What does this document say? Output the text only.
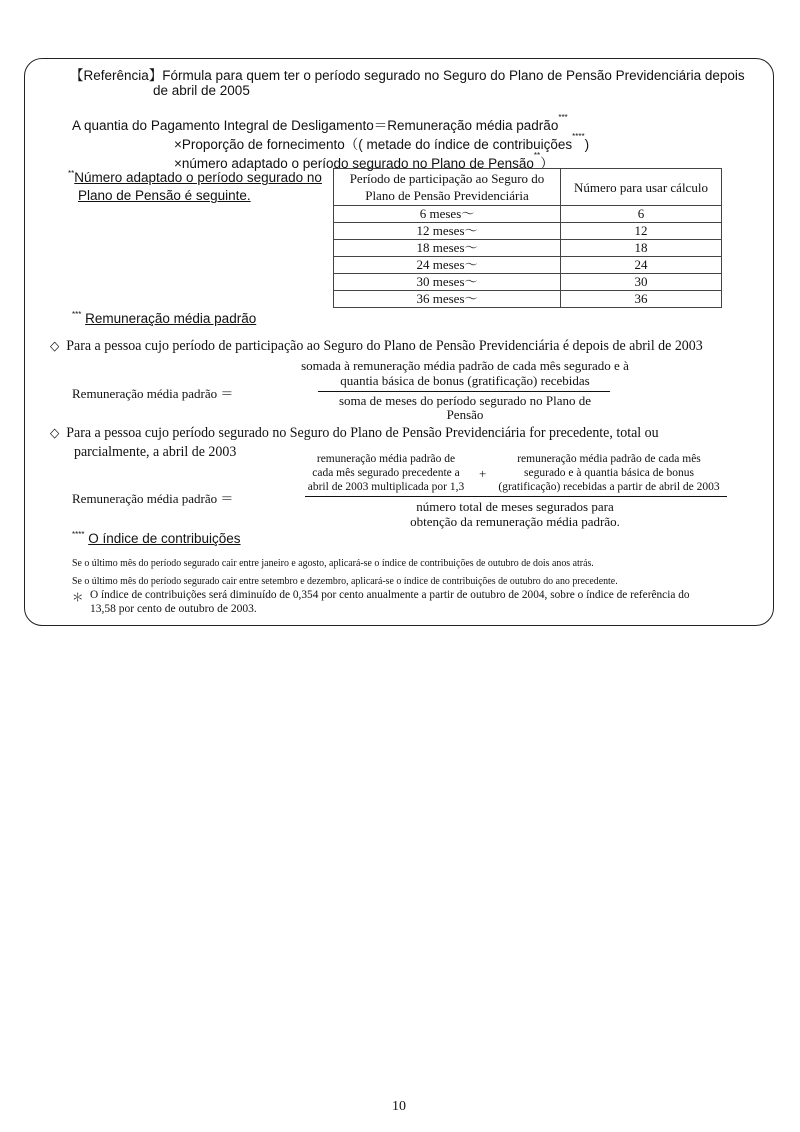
【Referência】Fórmula para quem ter o período segurado no Seguro do Plano de Pensão Previdenciária depois
de abril de 2005
A quantia do Pagamento Integral de Desligamento＝Remuneração média padrão***
×Proporção de fornecimento（( metade do índice de contribuições****)
×número adaptado o período segurado no Plano de Pensão**）
**Número adaptado o período segurado no
Plano de Pensão é seguinte.
Período de participação ao Seguro do
Plano de Pensão Previdenciária	Número para usar cálculo
6 meses～	6
12 meses～	12
18 meses～	18
24 meses～	24
30 meses～	30
36 meses～	36
*** Remuneração média padrão
◇ Para a pessoa cujo período de participação ao Seguro do Plano de Pensão Previdenciária é depois de abril de 2003
Remuneração média padrão ＝
somada à remuneração média padrão de cada mês segurado e à
quantia básica de bonus (gratificação) recebidas
soma de meses do período segurado no Plano de
Pensão
◇ Para a pessoa cujo período segurado no Seguro do Plano de Pensão Previdenciária for precedente, total ou
parcialmente, a abril de 2003
Remuneração média padrão ＝
remuneração média padrão de
cada mês segurado precedente a
abril de 2003 multiplicada por 1,3
+
remuneração média padrão de cada mês
segurado e à quantia básica de bonus
(gratificação) recebidas a partir de abril de 2003
número total de meses segurados para
obtenção da remuneração média padrão.
**** O índice de contribuições
Se o último mês do período segurado cair entre janeiro e agosto, aplicará-se o índice de contribuições de outubro de dois anos atrás.
Se o último mês do período segurado cair entre setembro e dezembro, aplicará-se o índice de contribuições de outubro do ano precedente.
＊ O índice de contribuições será diminuído de 0,354 por cento anualmente a partir de outubro de 2004, sobre o índice de referência do
13,58 por cento de outubro de 2003.
10
